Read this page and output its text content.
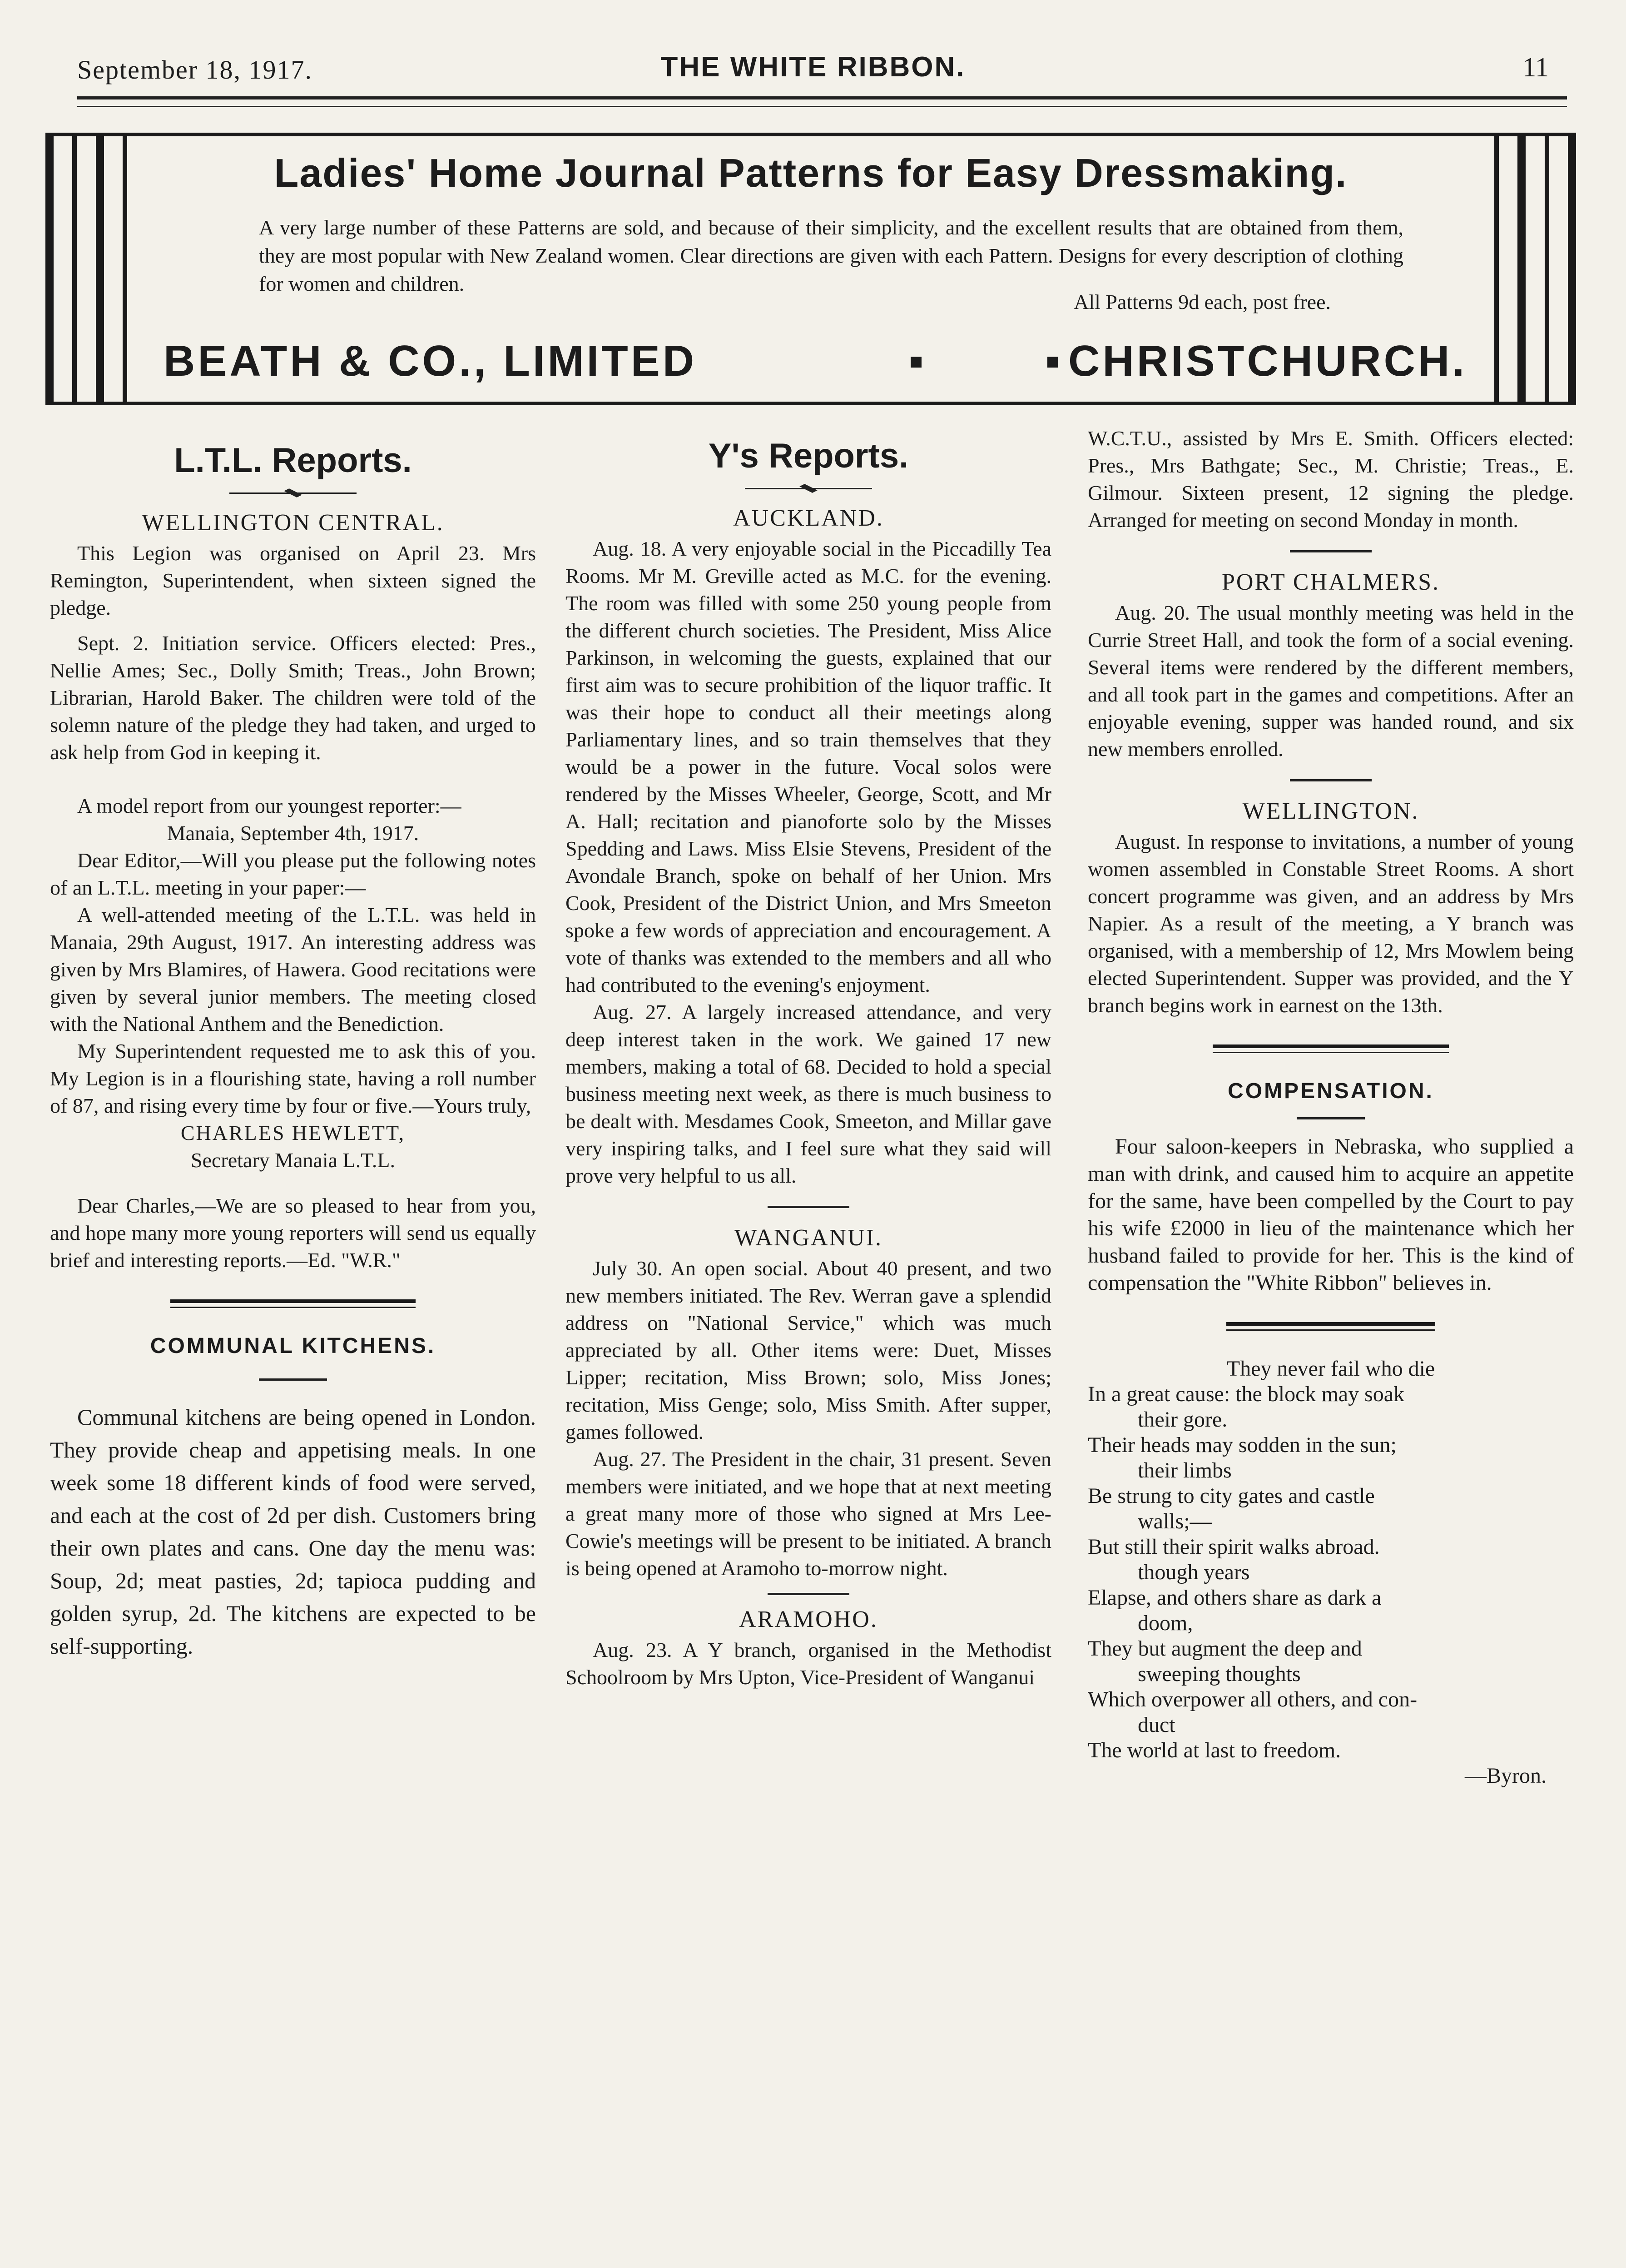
September 18, 1917.	THE WHITE RIBBON.	11
Ladies' Home Journal Patterns for Easy Dressmaking.
A very large number of these Patterns are sold, and because of their simplicity, and the excellent results that are obtained from them, they are most popular with New Zealand women. Clear directions are given with each Pattern. Designs for every description of clothing for women and children.
All Patterns 9d each, post free.
BEATH & CO., LIMITED	▪ ▪
CHRISTCHURCH.
L.T.L. Reports.
WELLINGTON CENTRAL.

This Legion was organised on April 23. Mrs Remington, Superintendent, when sixteen signed the pledge.

Sept. 2. Initiation service. Officers elected: Pres., Nellie Ames; Sec., Dolly Smith; Treas., John Brown; Librarian, Harold Baker. The children were told of the solemn nature of the pledge they had taken, and urged to ask help from God in keeping it.

A model report from our youngest reporter:—

Manaia, September 4th, 1917.

Dear Editor,—Will you please put the following notes of an L.T.L. meeting in your paper:—

A well-attended meeting of the L.T.L. was held in Manaia, 29th August, 1917. An interesting address was given by Mrs Blamires, of Hawera. Good recitations were given by several junior members. The meeting closed with the National Anthem and the Benediction.

My Superintendent requested me to ask this of you. My Legion is in a flourishing state, having a roll number of 87, and rising every time by four or five.—Yours truly,

CHARLES HEWLETT,

Secretary Manaia L.T.L.

Dear Charles,—We are so pleased to hear from you, and hope many more young reporters will send us equally brief and interesting reports.—Ed. "W.R."

COMMUNAL KITCHENS.

Communal kitchens are being opened in London. They provide cheap and appetising meals. In one week some 18 different kinds of food were served, and each at the cost of 2d per dish. Customers bring their own plates and cans. One day the menu was: Soup, 2d; meat pasties, 2d; tapioca pudding and golden syrup, 2d. The kitchens are expected to be self-supporting.

Y's Reports.
AUCKLAND.

Aug. 18. A very enjoyable social in the Piccadilly Tea Rooms. Mr M. Greville acted as M.C. for the evening. The room was filled with some 250 young people from the different church societies. The President, Miss Alice Parkinson, in welcoming the guests, explained that our first aim was to secure prohibition of the liquor traffic. It was their hope to conduct all their meetings along Parliamentary lines, and so train themselves that they would be a power in the future. Vocal solos were rendered by the Misses Wheeler, George, Scott, and Mr A. Hall; recitation and pianoforte solo by the Misses Spedding and Laws. Miss Elsie Stevens, President of the Avondale Branch, spoke on behalf of her Union. Mrs Cook, President of the District Union, and Mrs Smeeton spoke a few words of appreciation and encouragement. A vote of thanks was extended to the members and all who had contributed to the evening's enjoyment.

Aug. 27. A largely increased attendance, and very deep interest taken in the work. We gained 17 new members, making a total of 68. Decided to hold a special business meeting next week, as there is much business to be dealt with. Mesdames Cook, Smeeton, and Millar gave very inspiring talks, and I feel sure what they said will prove very helpful to us all.

WANGANUI.

July 30. An open social. About 40 present, and two new members initiated. The Rev. Werran gave a splendid address on "National Service," which was much appreciated by all. Other items were: Duet, Misses Lipper; recitation, Miss Brown; solo, Miss Jones; recitation, Miss Genge; solo, Miss Smith. After supper, games followed.

Aug. 27. The President in the chair, 31 present. Seven members were initiated, and we hope that at next meeting a great many more of those who signed at Mrs Lee-Cowie's meetings will be present to be initiated. A branch is being opened at Aramoho to-morrow night.

ARAMOHO.

Aug. 23. A Y branch, organised in the Methodist Schoolroom by Mrs Upton, Vice-President of Wanganui

W.C.T.U., assisted by Mrs E. Smith. Officers elected: Pres., Mrs Bathgate; Sec., M. Christie; Treas., E. Gilmour. Sixteen present, 12 signing the pledge. Arranged for meeting on second Monday in month.

PORT CHALMERS.

Aug. 20. The usual monthly meeting was held in the Currie Street Hall, and took the form of a social evening. Several items were rendered by the different members, and all took part in the games and competitions. After an enjoyable evening, supper was handed round, and six new members enrolled.

WELLINGTON.

August. In response to invitations, a number of young women assembled in Constable Street Rooms. A short concert programme was given, and an address by Mrs Napier. As a result of the meeting, a Y branch was organised, with a membership of 12, Mrs Mowlem being elected Superintendent. Supper was provided, and the Y branch begins work in earnest on the 13th.

COMPENSATION.

Four saloon-keepers in Nebraska, who supplied a man with drink, and caused him to acquire an appetite for the same, have been compelled by the Court to pay his wife £2000 in lieu of the maintenance which her husband failed to provide for her. This is the kind of compensation the "White Ribbon" believes in.

They never fail who die

In a great cause: the block may soak

their gore.

Their heads may sodden in the sun;

their limbs

Be strung to city gates and castle

walls;—

But still their spirit walks abroad.

though years

Elapse, and others share as dark a

doom,

They but augment the deep and

sweeping thoughts

Which overpower all others, and con-

duct

The world at last to freedom.

—Byron.
